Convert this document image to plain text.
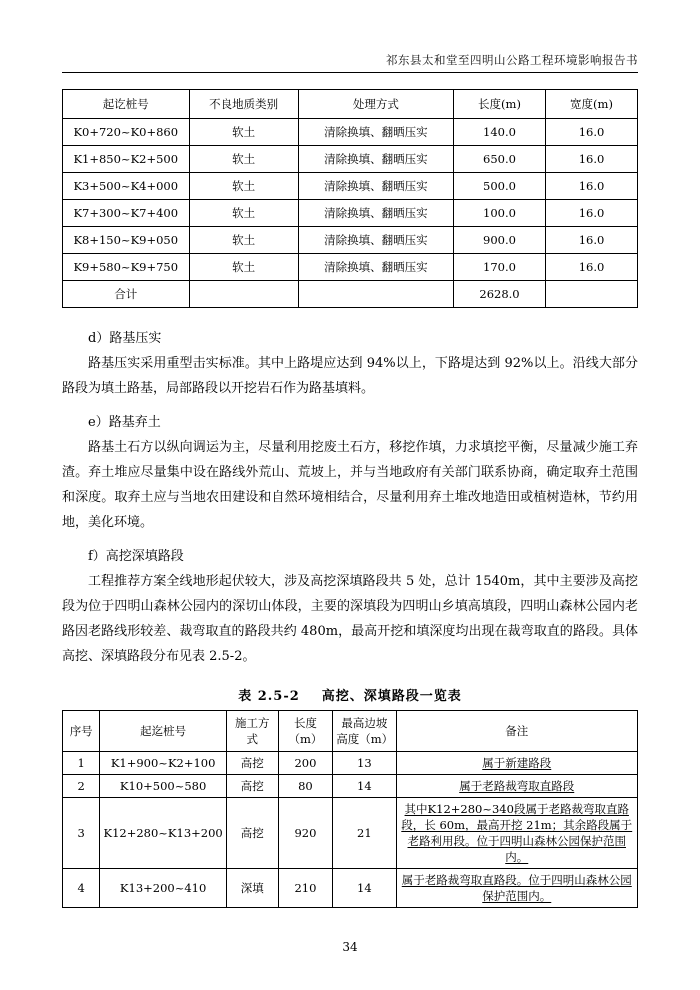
祁东县太和堂至四明山公路工程环境影响报告书
起讫桩号	不良地质类别	处理方式	长度(m)	宽度(m)
K0+720~K0+860	软土	清除换填、翻晒压实	140.0	16.0
K1+850~K2+500	软土	清除换填、翻晒压实	650.0	16.0
K3+500~K4+000	软土	清除换填、翻晒压实	500.0	16.0
K7+300~K7+400	软土	清除换填、翻晒压实	100.0	16.0
K8+150~K9+050	软土	清除换填、翻晒压实	900.0	16.0
K9+580~K9+750	软土	清除换填、翻晒压实	170.0	16.0
合计			2628.0	

d）路基压实

路基压实采用重型击实标准。其中上路堤应达到 94%以上，下路堤达到 92%以上。沿线大部分路段为填土路基，局部路段以开挖岩石作为路基填料。

e）路基弃土

路基土石方以纵向调运为主，尽量利用挖废土石方，移挖作填，力求填挖平衡，尽量减少施工弃渣。弃土堆应尽量集中设在路线外荒山、荒坡上，并与当地政府有关部门联系协商，确定取弃土范围和深度。取弃土应与当地农田建设和自然环境相结合，尽量利用弃土堆改地造田或植树造林，节约用地，美化环境。

f）高挖深填路段

工程推荐方案全线地形起伏较大，涉及高挖深填路段共 5 处，总计 1540m，其中主要涉及高挖段为位于四明山森林公园内的深切山体段，主要的深填段为四明山乡填高填段，四明山森林公园内老路因老路线形较差、裁弯取直的路段共约 480m，最高开挖和填深度均出现在裁弯取直的路段。具体高挖、深填路段分布见表 2.5-2。

表 2.5-2 高挖、深填路段一览表

序号	起迄桩号	施工方式	长度（m）	最高边坡高度（m）	备注
1	K1+900~K2+100	高挖	200	13	属于新建路段
2	K10+500~580	高挖	80	14	属于老路裁弯取直路段
3	K12+280~K13+200	高挖	920	21	其中K12+280~340段属于老路裁弯取直路段，长 60m，最高开挖 21m；其余路段属于老路利用段。位于四明山森林公园保护范围内。
4	K13+200~410	深填	210	14	属于老路裁弯取直路段。位于四明山森林公园保护范围内。
34
